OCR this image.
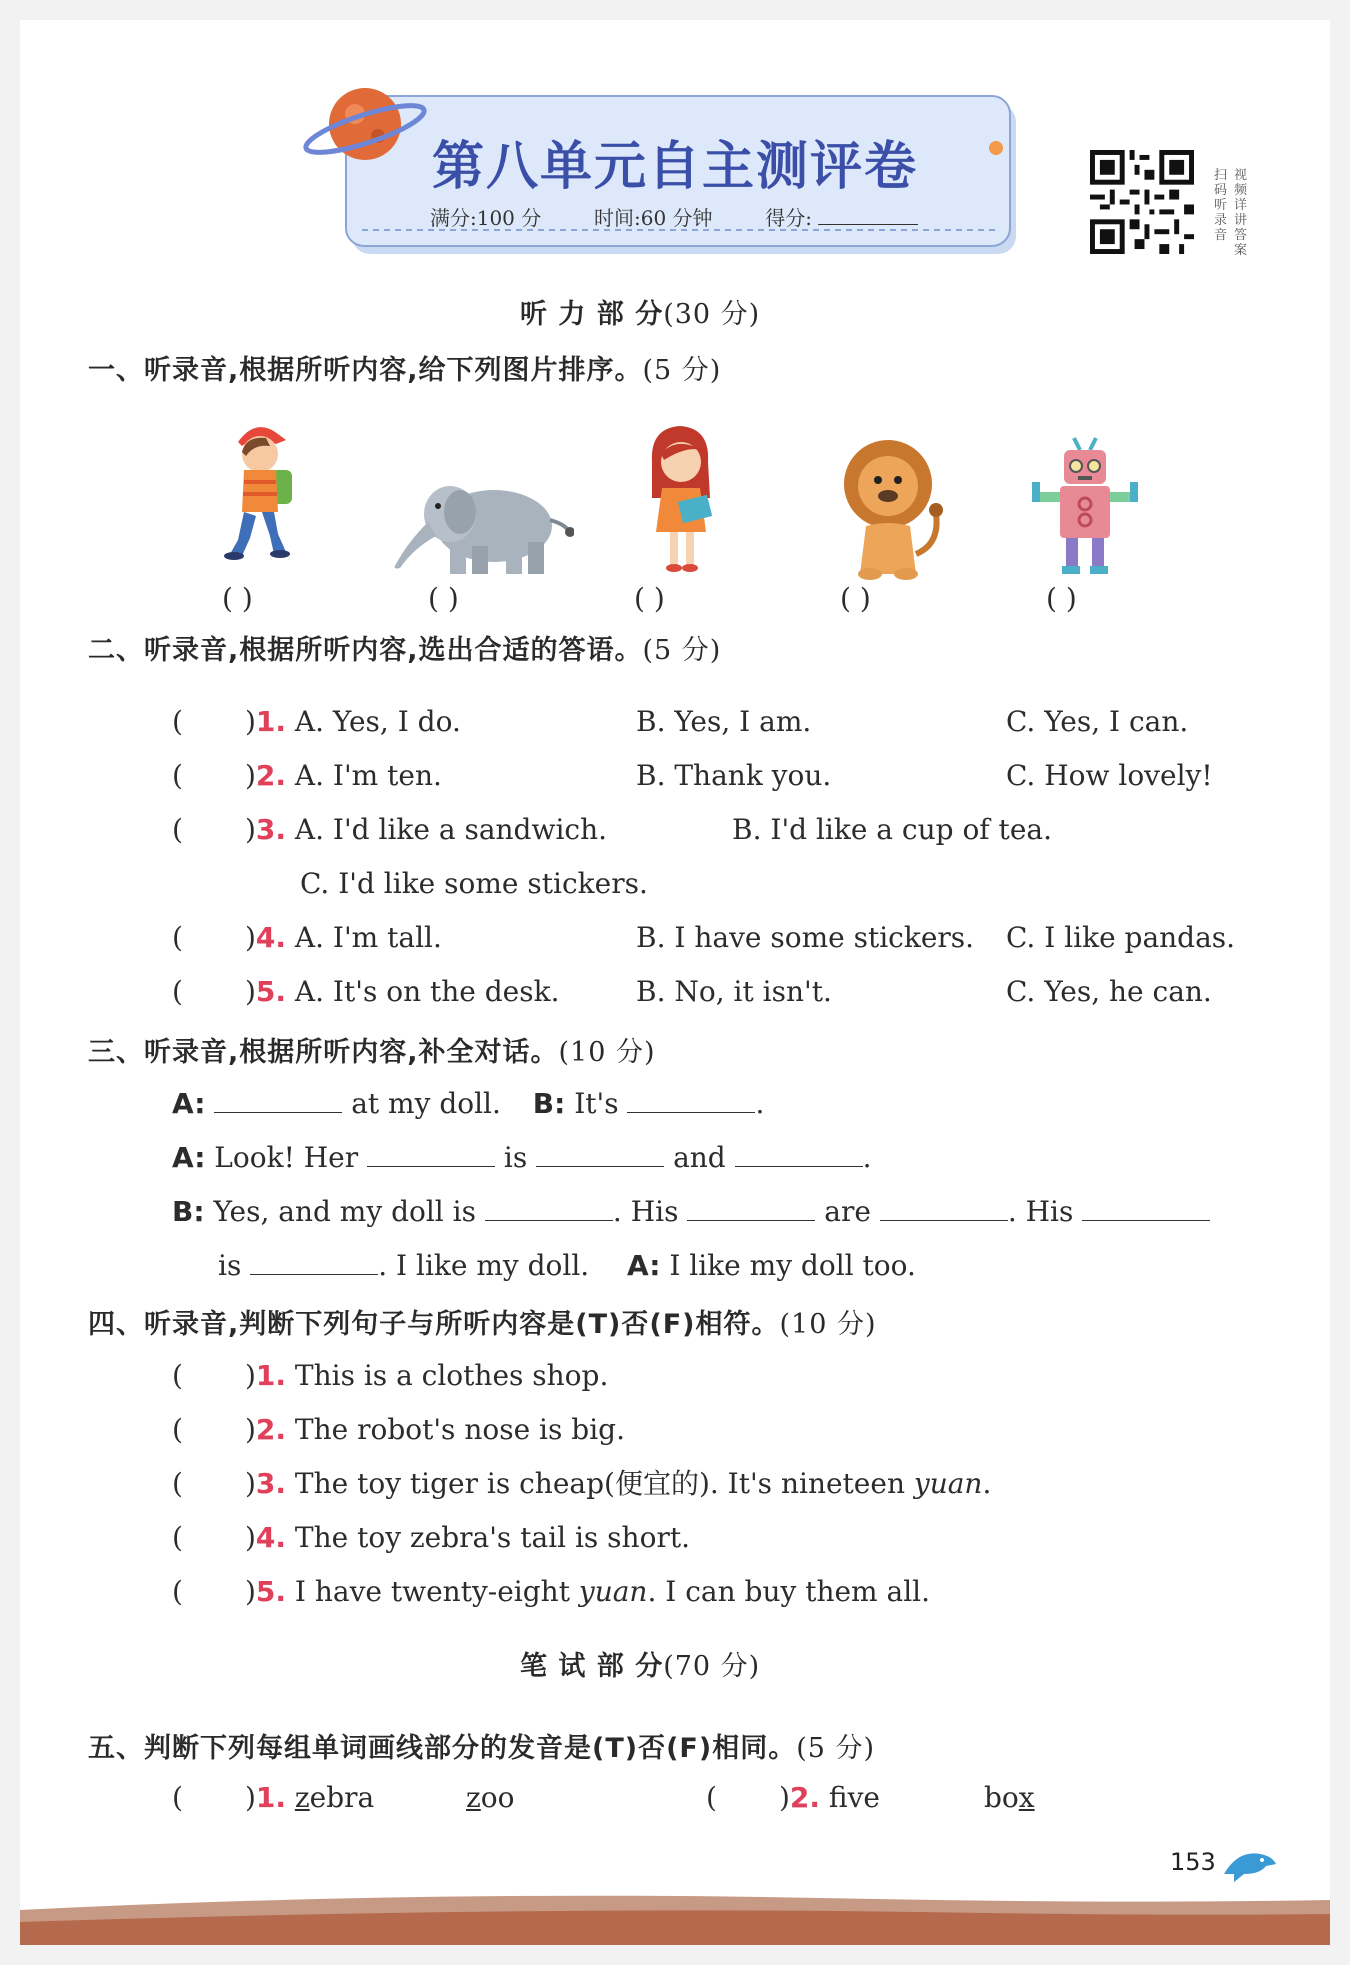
第八单元自主测评卷
满分:100 分	时间:60 分钟	得分:
扫码听录音
视频详讲答案
听 力 部 分(30 分)
一、听录音,根据所听内容,给下列图片排序。(5 分)
( )	( )	( )	( )	( )
二、听录音,根据所听内容,选出合适的答语。(5 分)
( )1. A. Yes, I do.	B. Yes, I am.	C. Yes, I can.
( )2. A. I'm ten.	B. Thank you.	C. How lovely!
( )3. A. I'd like a sandwich.	B. I'd like a cup of tea.
C. I'd like some stickers.
( )4. A. I'm tall.	B. I have some stickers. C. I like pandas.
( )5. A. It's on the desk.	B. No, it isn't.	C. Yes, he can.
三、听录音,根据所听内容,补全对话。(10 分)
A:	at my doll. B: It's	.
A: Look! Her	is	and	.
B: Yes, and my doll is	. His	are	. His
is	. I like my doll. A: I like my doll too.
四、听录音,判断下列句子与所听内容是(T)否(F)相符。(10 分)
( )1. This is a clothes shop.
( )2. The robot's nose is big.
( )3. The toy tiger is cheap(便宜的). It's nineteen yuan.
( )4. The toy zebra's tail is short.
( )5. I have twenty-eight yuan. I can buy them all.
笔 试 部 分(70 分)
五、判断下列每组单词画线部分的发音是(T)否(F)相同。(5 分)
( )1. zebra	zoo	( )2. fve	box
153
